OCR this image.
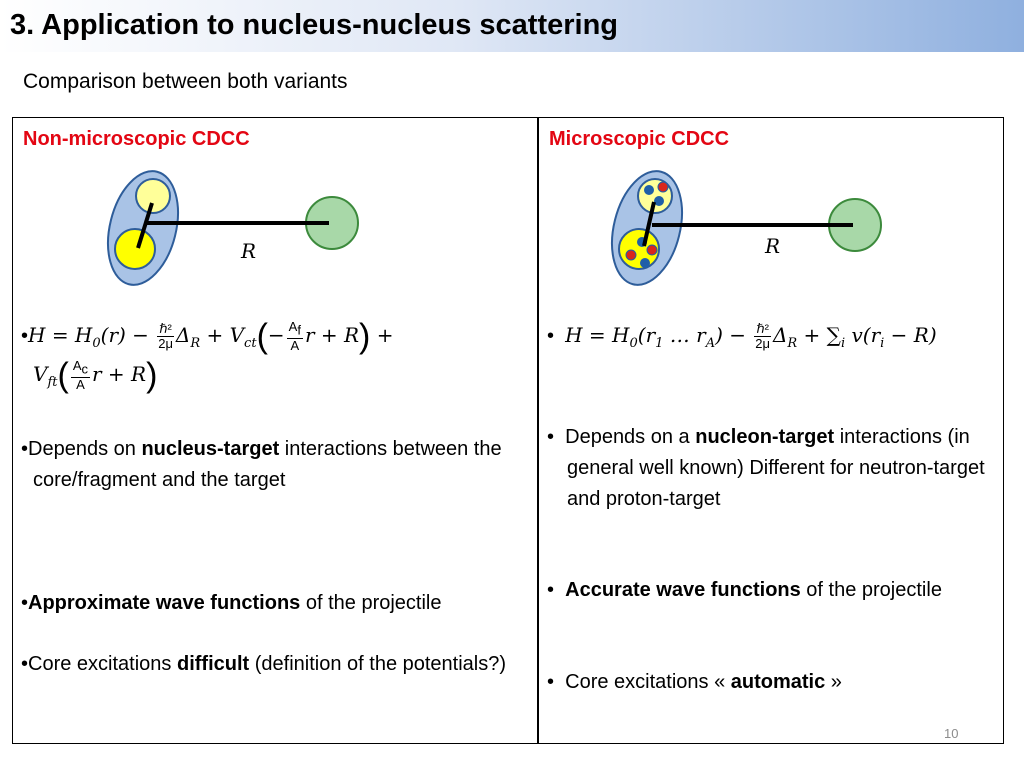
3. Application to nucleus-nucleus scattering
Comparison between both variants
Non-microscopic CDCC
R
•H = $H_0(r) - \frac{\text{ℏ²}}{2\mu} \Delta_R + V_{ct}(- \frac{A_f}{A}$ r + R) +
$V_{ft}( \frac{A_c}{A}$ r + R)
•Depends on nucleus-target interactions between the core/fragment and the target
•Approximate wave functions of the projectile
•Core excitations difficult (definition of the potentials?)
Microscopic CDCC
R
•  $H = H_0(r_1$ … $r_A) - \frac{\text{ℏ²}}{2\mu} \Delta_R + \sum_i$ $v(r_i - R)$
•  Depends on a nucleon-target interactions (in general well known) Different for neutron-target and proton-target
•  Accurate wave functions of the projectile
•  Core excitations « automatic »
10
